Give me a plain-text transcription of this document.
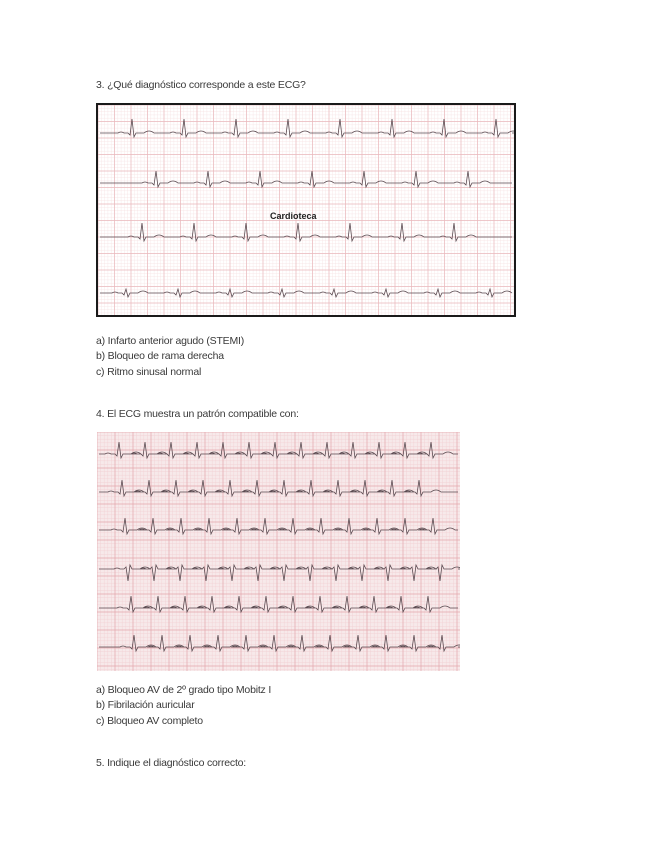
3. ¿Qué diagnóstico corresponde a este ECG?
Cardioteca
a) Infarto anterior agudo (STEMI)
b) Bloqueo de rama derecha
c) Ritmo sinusal normal
4. El ECG muestra un patrón compatible con:
a) Bloqueo AV de 2º grado tipo Mobitz I
b) Fibrilación auricular
c) Bloqueo AV completo
5. Indique el diagnóstico correcto:
